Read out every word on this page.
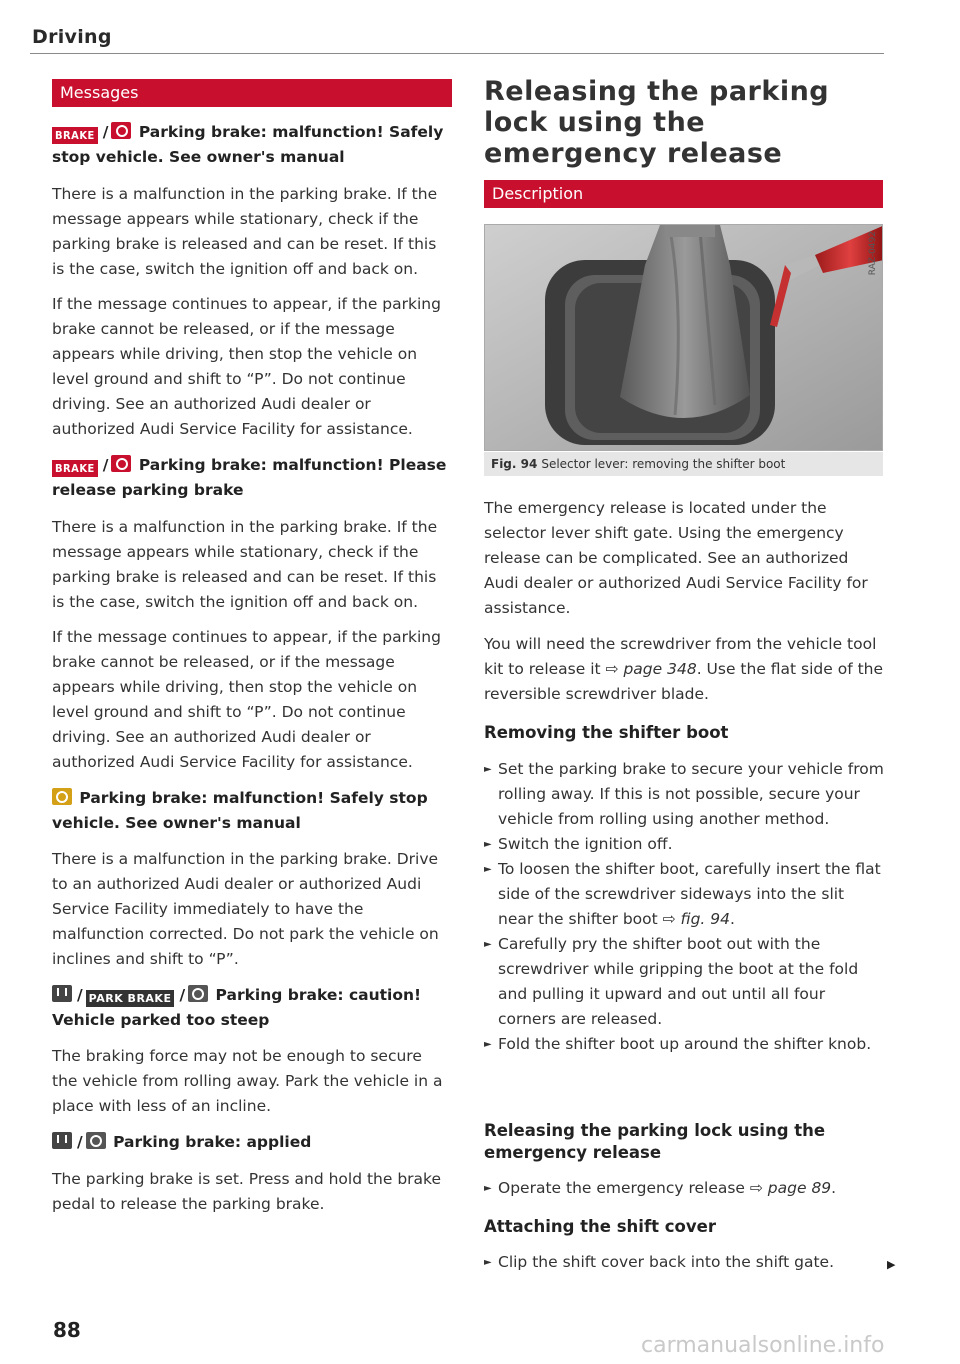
Driving
Messages
BRAKE / Parking brake: malfunction! Safely stop vehicle. See owner's manual

There is a malfunction in the parking brake. If the message appears while stationary, check if the parking brake is released and can be reset. If this is the case, switch the ignition off and back on.

If the message continues to appear, if the parking brake cannot be released, or if the message appears while driving, then stop the vehicle on level ground and shift to “P”. Do not continue driving. See an authorized Audi dealer or authorized Audi Service Facility for assistance.

BRAKE / Parking brake: malfunction! Please release parking brake

There is a malfunction in the parking brake. If the message appears while stationary, check if the parking brake is released and can be reset. If this is the case, switch the ignition off and back on.

If the message continues to appear, if the parking brake cannot be released, or if the message appears while driving, then stop the vehicle on level ground and shift to “P”. Do not continue driving. See an authorized Audi dealer or authorized Audi Service Facility for assistance.

Parking brake: malfunction! Safely stop vehicle. See owner's manual

There is a malfunction in the parking brake. Drive to an authorized Audi dealer or authorized Audi Service Facility immediately to have the malfunction corrected. Do not park the vehicle on inclines and shift to “P”.

/ PARK BRAKE / Parking brake: caution! Vehicle parked too steep

The braking force may not be enough to secure the vehicle from rolling away. Park the vehicle in a place with less of an incline.

/ Parking brake: applied

The parking brake is set. Press and hold the brake pedal to release the parking brake.

Releasing the parking lock using the emergency release
Description
RAZ-0492
Fig. 94 Selector lever: removing the shifter boot

The emergency release is located under the selector lever shift gate. Using the emergency release can be complicated. See an authorized Audi dealer or authorized Audi Service Facility for assistance.

You will need the screwdriver from the vehicle tool kit to release it ⇨ page 348. Use the flat side of the reversible screwdriver blade.

Removing the shifter boot
► Set the parking brake to secure your vehicle from rolling away. If this is not possible, secure your vehicle from rolling using another method.
► Switch the ignition off.
► To loosen the shifter boot, carefully insert the flat side of the screwdriver sideways into the slit near the shifter boot ⇨ fig. 94.
► Carefully pry the shifter boot out with the screwdriver while gripping the boot at the fold and pulling it upward and out until all four corners are released.
► Fold the shifter boot up around the shifter knob.
Releasing the parking lock using the emergency release
► Operate the emergency release ⇨ page 89.
Attaching the shift cover
► Clip the shift cover back into the shift gate.	▶
88
carmanualsonline.info
